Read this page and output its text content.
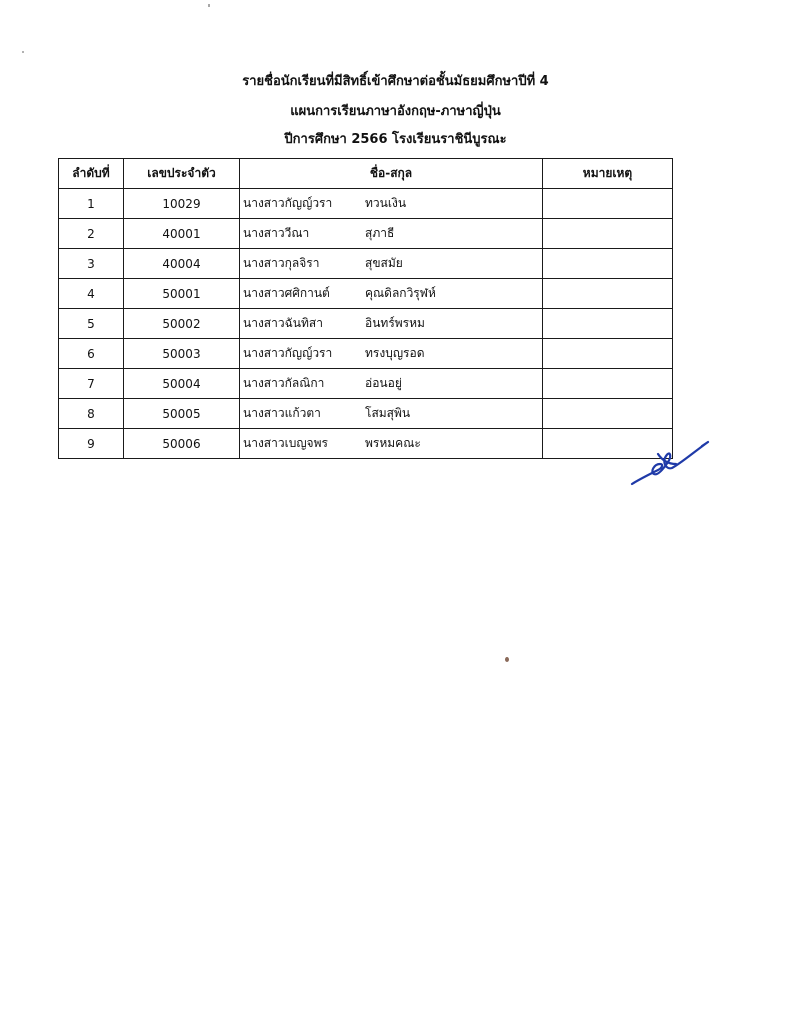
รายชื่อนักเรียนที่มีสิทธิ์เข้าศึกษาต่อชั้นมัธยมศึกษาปีที่ 4
แผนการเรียนภาษาอังกฤษ-ภาษาญี่ปุ่น
ปีการศึกษา 2566 โรงเรียนราชินีบูรณะ
ลำดับที่	เลขประจำตัว	ชื่อ-สกุล	หมายเหตุ
1	10029	นางสาวกัญญ์วรา ทวนเงิน	

2	40001	นางสาววีณา สุภาธี	

3	40004	นางสาวกุลจิรา สุขสมัย	

4	50001	นางสาวศศิกานต์ คุณดิลกวิรุฬห์	

5	50002	นางสาวฉันทิสา อินทร์พรหม	

6	50003	นางสาวกัญญ์วรา ทรงบุญรอด	

7	50004	นางสาวกัลณิกา อ่อนอยู่	

8	50005	นางสาวแก้วตา โสมสุพิน	

9	50006	นางสาวเบญจพร พรหมคณะ	
